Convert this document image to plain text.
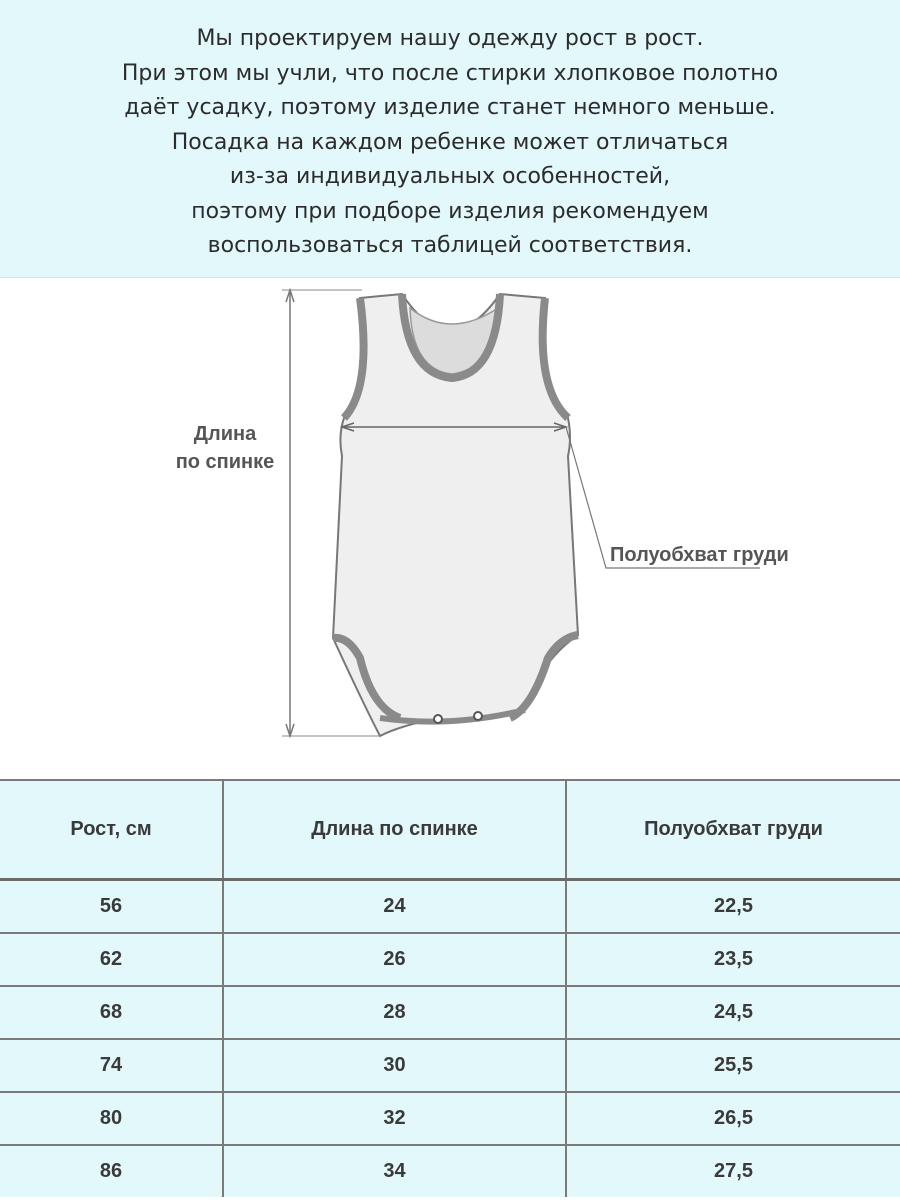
Мы проектируем нашу одежду рост в рост.
При этом мы учли, что после стирки хлопковое полотно
даёт усадку, поэтому изделие станет немного меньше.
Посадка на каждом ребенке может отличаться
из-за индивидуальных особенностей,
поэтому при подборе изделия рекомендуем
воспользоваться таблицей соответствия.
Длина
по спинке
Полуобхват груди
Рост, см	Длина по спинке	Полуобхват груди
56	24	22,5
62	26	23,5
68	28	24,5
74	30	25,5
80	32	26,5
86	34	27,5
